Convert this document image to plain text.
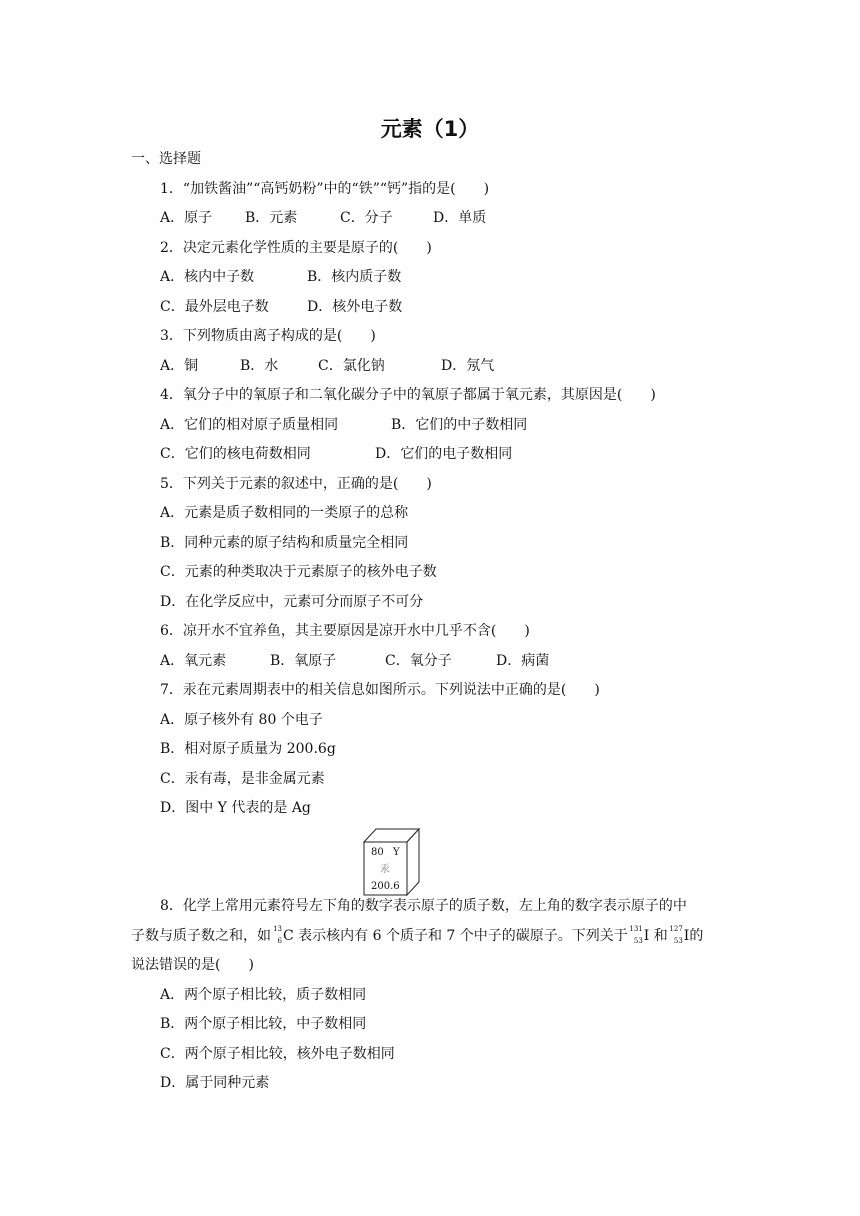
元素（1）
一、选择题
1．“加铁酱油”“高钙奶粉”中的“铁”“钙”指的是(　　)
A．原子 B．元素	C．分子	D．单质
2．决定元素化学性质的主要是原子的(　　)
A．核内中子数	B．核内质子数
C．最外层电子数	D．核外电子数
3．下列物质由离子构成的是(　　)
A．铜	B．水	C．氯化钠	D．氖气
4．氧分子中的氧原子和二氧化碳分子中的氧原子都属于氧元素，其原因是(　　)
A．它们的相对原子质量相同	B．它们的中子数相同
C．它们的核电荷数相同	D．它们的电子数相同
5．下列关于元素的叙述中，正确的是(　　)
A．元素是质子数相同的一类原子的总称
B．同种元素的原子结构和质量完全相同
C．元素的种类取决于元素原子的核外电子数
D．在化学反应中，元素可分而原子不可分
6．凉开水不宜养鱼，其主要原因是凉开水中几乎不含(　　)
A．氧元素	B．氧原子	C．氧分子	D．病菌
7．汞在元素周期表中的相关信息如图所示。下列说法中正确的是(　　)
A．原子核外有 80 个电子
B．相对原子质量为 200.6g
C．汞有毒，是非金属元素
D．图中 Y 代表的是 Ag
80 Y
汞
200.6
8．化学上常用元素符号左下角的数字表示原子的质子数，左上角的数字表示原子的中
子数与质子数之和，如 13
6 C 表示核内有 6 个质子和 7 个中子的碳原子。下列关于 131
53 I 和 127
53 I的
说法错误的是(　　)
A．两个原子相比较，质子数相同
B．两个原子相比较，中子数相同
C．两个原子相比较，核外电子数相同
D．属于同种元素
